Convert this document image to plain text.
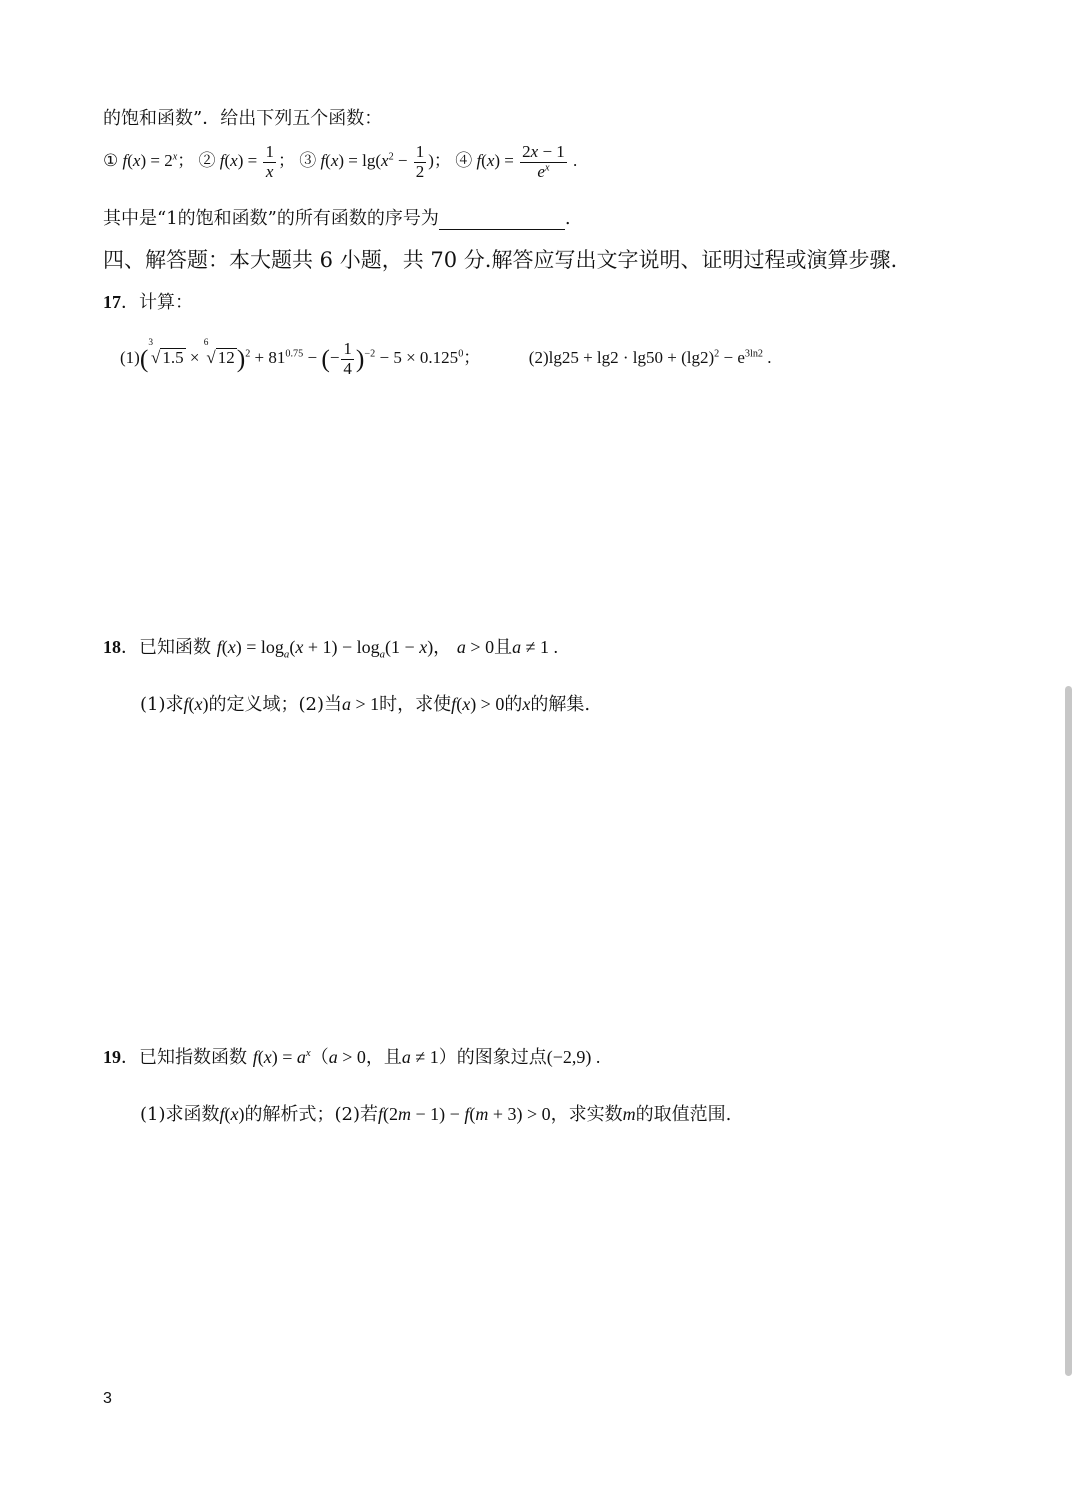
的饱和函数”．给出下列五个函数：
① $f(x) = 2^x$； ② $f(x) = \frac{1}{x}$ ； ③ $f(x) = \lg(x^2 - \frac{1}{2}$ )； ④ $f(x) = \frac{2x - 1}{e^x}$ .
其中是“1的饱和函数”的所有函数的序号为	.
四、解答题：本大题共 6 小题，共 70 分.解答应写出文字说明、证明过程或演算步骤.
17．计算：
(1)($^3$√ 1.5 × $^6$√ $12)^2 + 81^{0.75}$ − (− $\frac{1}{4} )^{-2} - 5 \times 0.125^0$；  $(2)\lg 25 + \lg 2 \cdot \lg 50 + (\lg 2)^2 - e^{3ln2}$ .
18．已知函数 $f(x) = \log_a(x + 1) - \log_a(1 - x)$， a > 0且a ≠ 1 .
(1)求f(x)的定义域；(2)当a > 1时，求使f(x) > 0的x的解集.
19．已知指数函数 $f(x) = a^x(a > 0$，且a ≠ 1）的图象过点(−2,9) .
(1)求函数f(x)的解析式；(2)若f(2m − 1) − f(m + 3) > 0，求实数m的取值范围.
3
